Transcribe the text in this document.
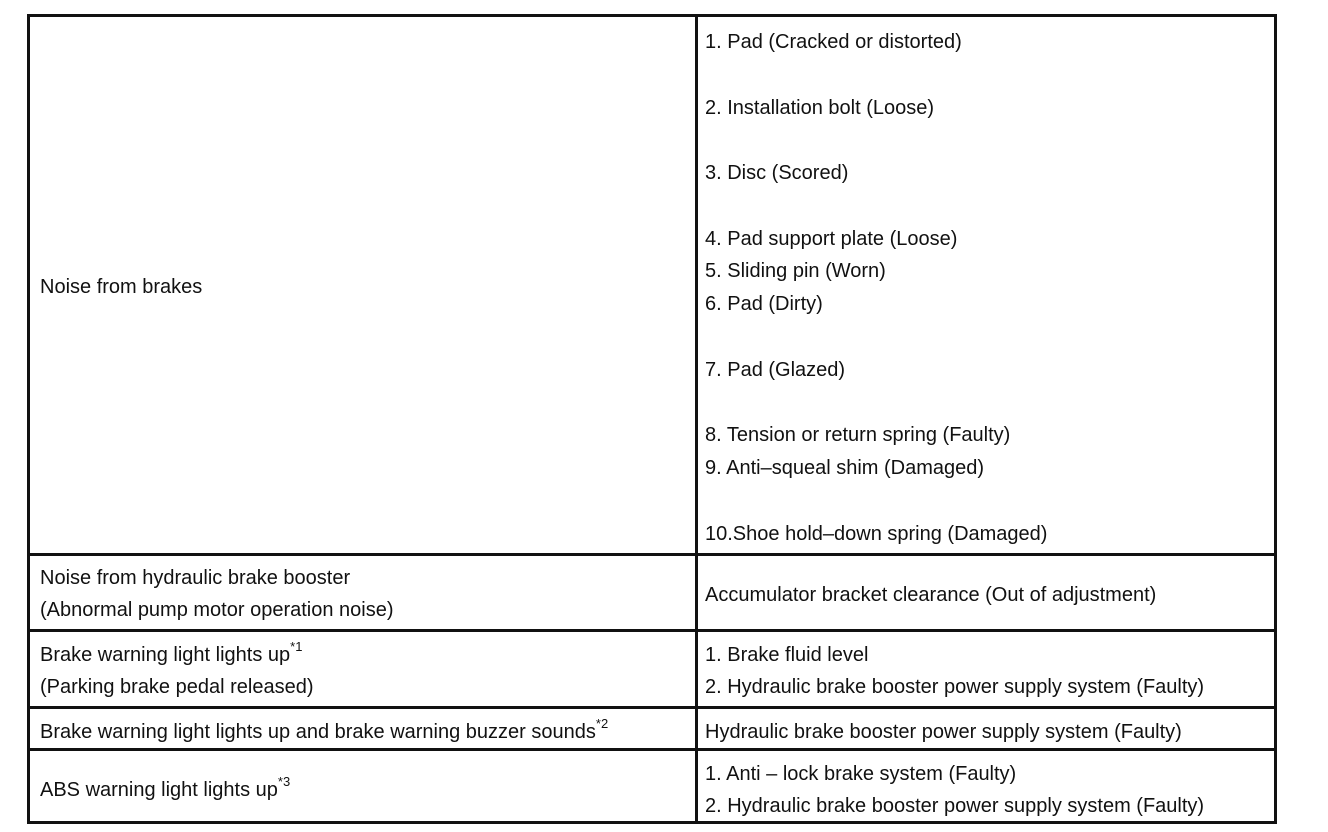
Noise from brakes
1. Pad (Cracked or distorted)
2. Installation bolt (Loose)
3. Disc (Scored)
4. Pad support plate (Loose)
5. Sliding pin (Worn)
6. Pad (Dirty)
7. Pad (Glazed)
8. Tension or return spring (Faulty)
9. Anti–squeal shim (Damaged)
10.Shoe hold–down spring (Damaged)
Noise from hydraulic brake booster
(Abnormal pump motor operation noise)
Accumulator bracket clearance (Out of adjustment)
Brake warning light lights $up^{*1}$
(Parking brake pedal released)
1. Brake fluid level
2. Hydraulic brake booster power supply system (Faulty)
Brake warning light lights up and brake warning buzzer sounds$^{*2}$	Hydraulic brake booster power supply system (Faulty)
ABS warning light lights $up^{*3}$	1. Anti – lock brake system (Faulty)
2. Hydraulic brake booster power supply system (Faulty)
